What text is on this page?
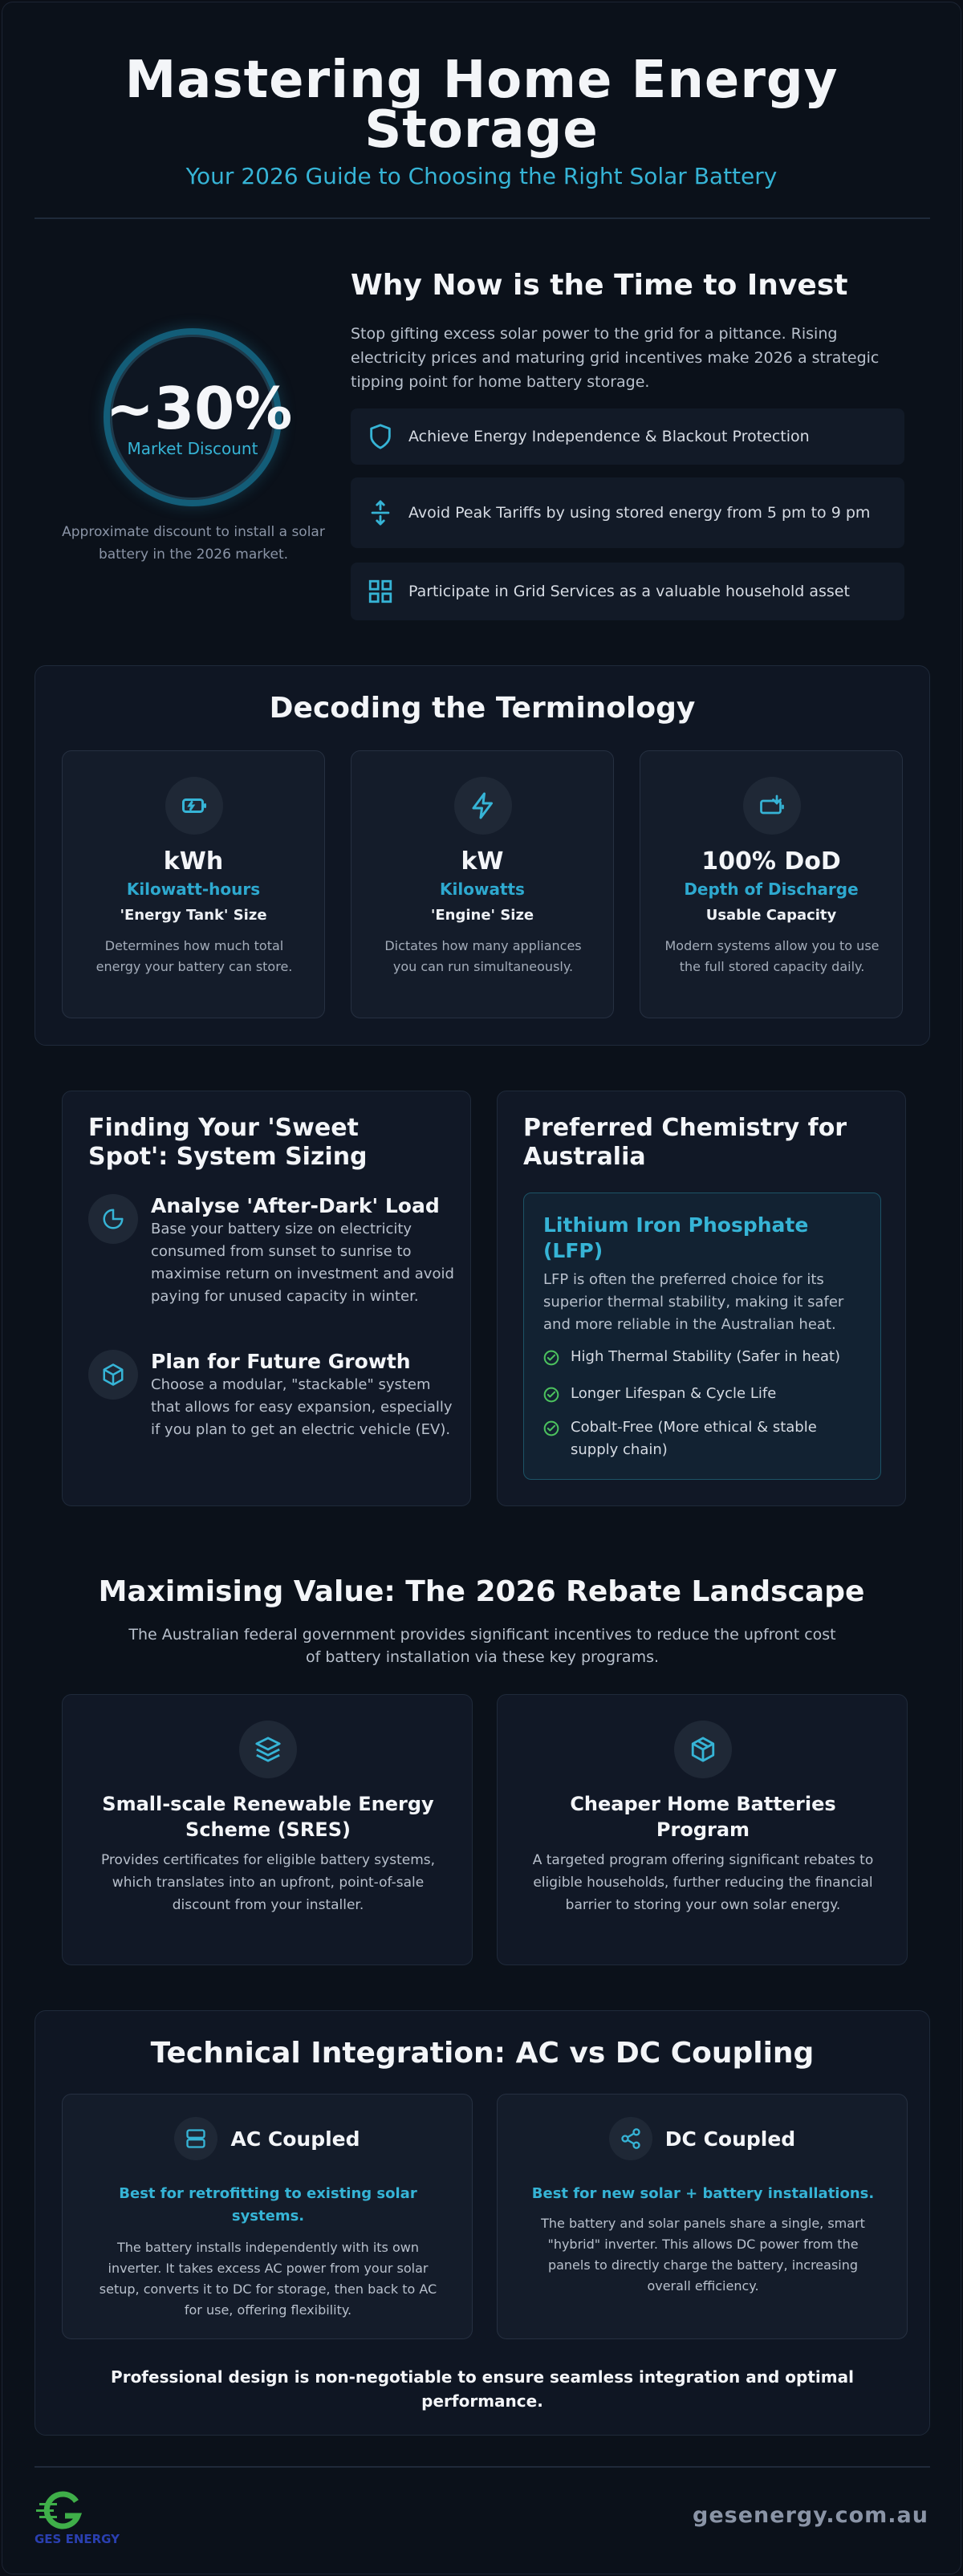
Mastering Home Energy
Storage
Your 2026 Guide to Choosing the Right Solar Battery
~30%
Market Discount
Approximate discount to install a solar battery in the 2026 market.
Why Now is the Time to Invest
Stop gifting excess solar power to the grid for a pittance. Rising electricity prices and maturing grid incentives make 2026 a strategic tipping point for home battery storage.
Achieve Energy Independence & Blackout Protection
Avoid Peak Tariffs by using stored energy from 5 pm to 9 pm
Participate in Grid Services as a valuable household asset
Decoding the Terminology
kWh
Kilowatt-hours
'Energy Tank' Size
Determines how much total energy your battery can store.
kW
Kilowatts
'Engine' Size
Dictates how many appliances you can run simultaneously.
100% DoD
Depth of Discharge
Usable Capacity
Modern systems allow you to use the full stored capacity daily.
Finding Your 'Sweet Spot': System Sizing
Analyse 'After-Dark' Load
Base your battery size on electricity consumed from sunset to sunrise to maximise return on investment and avoid paying for unused capacity in winter.
Plan for Future Growth
Choose a modular, "stackable" system that allows for easy expansion, especially if you plan to get an electric vehicle (EV).
Preferred Chemistry for Australia
Lithium Iron Phosphate (LFP)
LFP is often the preferred choice for its superior thermal stability, making it safer and more reliable in the Australian heat.
High Thermal Stability (Safer in heat)
Longer Lifespan & Cycle Life
Cobalt-Free (More ethical & stable supply chain)
Maximising Value: The 2026 Rebate Landscape
The Australian federal government provides significant incentives to reduce the upfront cost of battery installation via these key programs.
Small-scale Renewable Energy Scheme (SRES)
Provides certificates for eligible battery systems, which translates into an upfront, point-of-sale discount from your installer.
Cheaper Home Batteries Program
A targeted program offering significant rebates to eligible households, further reducing the financial barrier to storing your own solar energy.
Technical Integration: AC vs DC Coupling
AC Coupled
Best for retrofitting to existing solar systems.
The battery installs independently with its own inverter. It takes excess AC power from your solar setup, converts it to DC for storage, then back to AC for use, offering flexibility.
DC Coupled
Best for new solar + battery installations.
The battery and solar panels share a single, smart "hybrid" inverter. This allows DC power from the panels to directly charge the battery, increasing overall efficiency.
Professional design is non-negotiable to ensure seamless integration and optimal performance.
GES ENERGY
gesenergy.com.au
